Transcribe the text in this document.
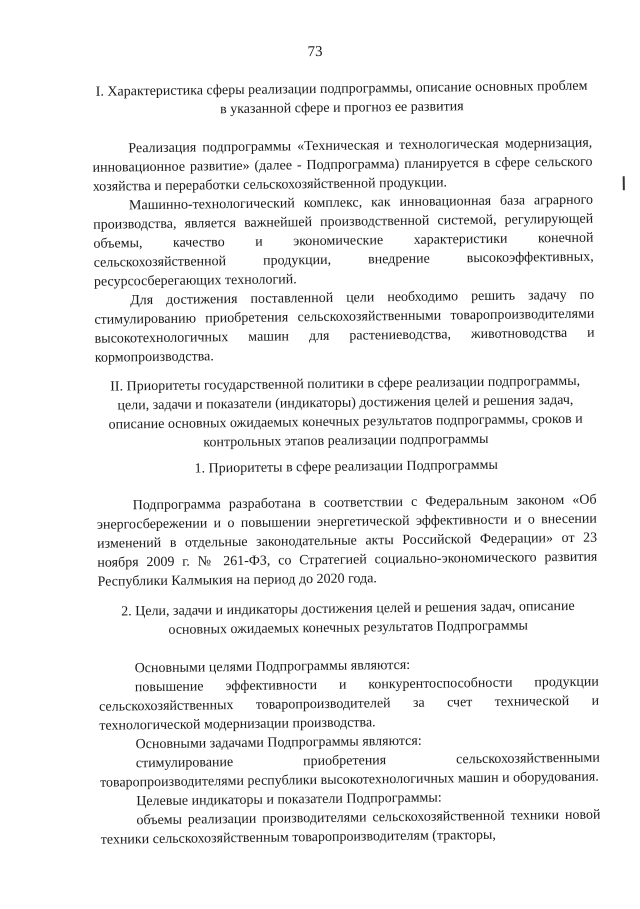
73
I. Характеристика сферы реализации подпрограммы, описание основных проблем в указанной сфере и прогноз ее развития

Реализация подпрограммы «Техническая и технологическая модернизация, инновационное развитие» (далее - Подпрограмма) планируется в сфере сельского хозяйства и переработки сельскохозяйственной продукции.

Машинно-технологический комплекс, как инновационная база аграрного производства, является важнейшей производственной системой, регулирующей объемы, качество и экономические характеристики конечной сельскохозяйственной продукции, внедрение высокоэффективных, ресурсосберегающих технологий.

Для достижения поставленной цели необходимо решить задачу по стимулированию приобретения сельскохозяйственными товаропроизводителями высокотехнологичных машин для растениеводства, животноводства и кормопроизводства.

II. Приоритеты государственной политики в сфере реализации подпрограммы, цели, задачи и показатели (индикаторы) достижения целей и решения задач, описание основных ожидаемых конечных результатов подпрограммы, сроков и контрольных этапов реализации подпрограммы
1. Приоритеты в сфере реализации Подпрограммы

Подпрограмма разработана в соответствии с Федеральным законом «Об энергосбережении и о повышении энергетической эффективности и о внесении изменений в отдельные законодательные акты Российской Федерации» от 23 ноября 2009 г. № 261-ФЗ, со Стратегией социально-экономического развития Республики Калмыкия на период до 2020 года.

2. Цели, задачи и индикаторы достижения целей и решения задач, описание основных ожидаемых конечных результатов Подпрограммы

Основными целями Подпрограммы являются:

повышение эффективности и конкурентоспособности продукции сельскохозяйственных товаропроизводителей за счет технической и технологической модернизации производства.

Основными задачами Подпрограммы являются:

стимулирование приобретения сельскохозяйственными товаропроизводителями республики высокотехнологичных машин и оборудования.

Целевые индикаторы и показатели Подпрограммы:

объемы реализации производителями сельскохозяйственной техники новой техники сельскохозяйственным товаропроизводителям (тракторы,
